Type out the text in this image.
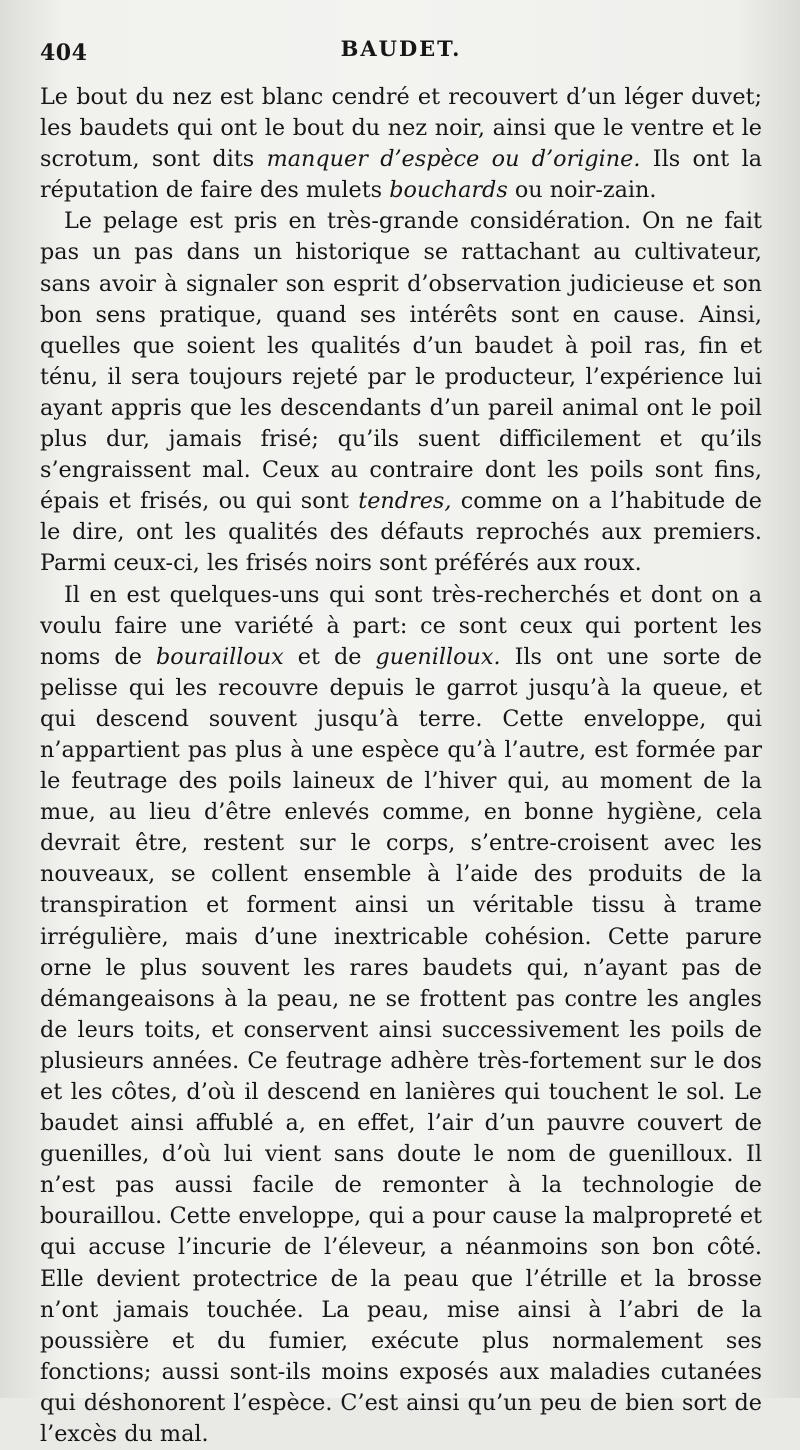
404	BAUDET.

Le bout du nez est blanc cendré et recouvert d’un léger duvet; les baudets qui ont le bout du nez noir, ainsi que le ventre et le scrotum, sont dits manquer d’espèce ou d’origine. Ils ont la réputation de faire des mulets bouchards ou noir-zain.

Le pelage est pris en très-grande considération. On ne fait pas un pas dans un historique se rattachant au cultivateur, sans avoir à signaler son esprit d’observation judicieuse et son bon sens pratique, quand ses intérêts sont en cause. Ainsi, quelles que soient les qualités d’un baudet à poil ras, fin et ténu, il sera toujours rejeté par le producteur, l’expérience lui ayant appris que les descendants d’un pareil animal ont le poil plus dur, jamais frisé; qu’ils suent difficilement et qu’ils s’engraissent mal. Ceux au contraire dont les poils sont fins, épais et frisés, ou qui sont tendres, comme on a l’habitude de le dire, ont les qualités des défauts reprochés aux premiers. Parmi ceux-ci, les frisés noirs sont préférés aux roux.

Il en est quelques-uns qui sont très-recherchés et dont on a voulu faire une variété à part: ce sont ceux qui portent les noms de bouraillоux et de guenilloux. Ils ont une sorte de pelisse qui les recouvre depuis le garrot jusqu’à la queue, et qui descend souvent jusqu’à terre. Cette enveloppe, qui n’appartient pas plus à une espèce qu’à l’autre, est formée par le feutrage des poils laineux de l’hiver qui, au moment de la mue, au lieu d’être enlevés comme, en bonne hygiène, cela devrait être, restent sur le corps, s’entre-croisent avec les nouveaux, se collent ensemble à l’aide des produits de la transpiration et forment ainsi un véritable tissu à trame irrégulière, mais d’une inextricable cohésion. Cette parure orne le plus souvent les rares baudets qui, n’ayant pas de démangeaisons à la peau, ne se frottent pas contre les angles de leurs toits, et conservent ainsi successivement les poils de plusieurs années. Ce feutrage adhère très-fortement sur le dos et les côtes, d’où il descend en lanières qui touchent le sol. Le baudet ainsi affublé a, en effet, l’air d’un pauvre couvert de guenilles, d’où lui vient sans doute le nom de guenilloux. Il n’est pas aussi facile de remonter à la technologie de bouraillou. Cette enveloppe, qui a pour cause la malpropreté et qui accuse l’incurie de l’éleveur, a néanmoins son bon côté. Elle devient protectrice de la peau que l’étrille et la brosse n’ont jamais touchée. La peau, mise ainsi à l’abri de la poussière et du fumier, exécute plus normalement ses fonctions; aussi sont-ils moins exposés aux maladies cutanées qui déshonorent l’espèce. C’est ainsi qu’un peu de bien sort de l’excès du mal.
